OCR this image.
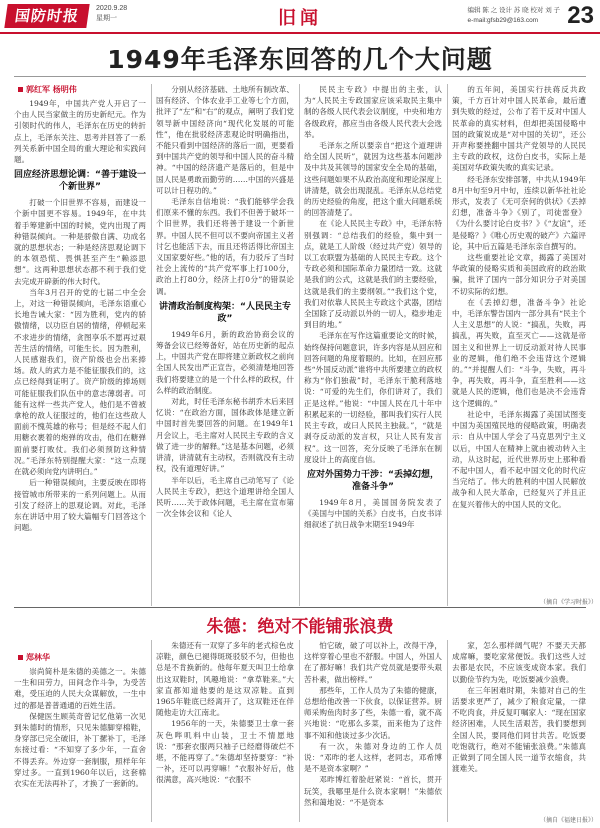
国防时报	2020.9.28
星期一	旧闻	编辑 陈 之 设计 苏 晓 校对 刘 子
e-mail:gfsb29@163.com	23
1949年毛泽东回答的几个大问题
郭红军 杨明伟

1949年，中国共产党人开启了一个由人民当家做主的历史新纪元。作为引领时代的伟人，毛泽东在历史的转折点上，毛泽东关注、思考并回答了一系列关系新中国全局的重大理论和实践问题。

回应经济思想论调：“善于建设一个新世界”

打破一个旧世界不容易，而建设一个新中国更不容易。1949年，在中共着手筹建新中国的时候，党内出现了两种错误倾向。一种是骄傲自满、功成名就的思想状态；一种是经济思观论调下的本领恐慌、畏惧甚至产生“赖添思想”。这两种思想状态都不利于我们党去完成开辟新的伟大时代。

当年3月召开的党的七届二中全会上，对这一种错误倾向，毛泽东语重心长地告诫大家：“因为胜利，党内的骄傲情绪，以功臣自居的情绪，停顿起来不求进步的情绪，贪图享乐不愿再过艰苦生活的情绪，可能生长。因为胜利，人民感谢我们，资产阶级也会出来捧场。敌人的武力是不能征服我们的，这点已经得到证明了。资产阶级的捧场则可能征服我们队伍中的意志薄弱者。可能有这样一些共产党人，他们是不曾被拿枪的敌人征服过的，他们在这些敌人面前不愧英雄的称号；但是经不起人们用糖衣裹着的炮弹的攻击，他们在糖弹面前要打败仗。我们必须预防这种情况。”毛泽东特别提醒大家：“这一点现在就必须向党内讲明白。”

后一种错误倾向，主要反映在即将接管城市所带来的一系列问题上。从而引发了经济上的思观论调。对此，毛泽东在讲话中用了较大篇幅专门回答这个问题。

分别从经济基础、土地所有制改革、国有经济、个体农业手工业等七个方面，批评了“左”和“右”的观点，阐明了我们党领导新中国经济向“现代化发展的可能性”，他在批驳经济悲观论时明确指出，不能只看到中国经济的落后一面，更要看到中国共产党的领导和中国人民的奋斗精神。“中国的经济遗产是落后的，但是中国人民是勇敢而勤劳的……中国的兴盛是可以计日程功的。”

毛泽东自信地说：“我们能够学会我们原来不懂的东西。我们不但善于破坏一个旧世界，我们还将善于建设一个新世界。中国人民不但可以不要向帝国主义者讨乞也能活下去，而且还将活得比帝国主义国家要好些。”他的话，有力驳斥了当时社会上流传的“共产党军事上打100分，政治上打80分，经济上打0分”的错误论调。

讲清政治制度构架：“人民民主专政”

1949年6月，新的政治协商会议的筹备会议已经筹备好，站在历史新的起点上，中国共产党在即将建立新政权之前向全国人民发出严正宣告，必须清楚地回答我们将要建立的是一个什么样的政权，什么样的政治制度。

对此，时任毛泽东秘书胡乔木后来回忆说：“在政治方面，国体政体是建立新中国时首先要回答的问题。在1949年1月会议上，毛主席对人民民主专政的含义做了进一步的解释。”这是基本问题，必须讲清，讲清就有主动权，否则就没有主动权，没有道理好讲。”

半年以后，毛主席自己动笔写了《论人民民主专政》，把这个道理讲给全国人民听……关于政体问题，毛主席在宣布第一次全体会议和《论人

民民主专政》中提出的主张，认为“人民民主专政国家应该采取民主集中制的各级人民代表会议制度，中央和地方各级政府，都应当由各级人民代表大会选举。

毛泽东之所以要亲自“把这个道理讲给全国人民听”，就因为这些基本问题涉及中共及其领导的国家安全全局的基础，这些问题如果不从政治高度和理论深度上讲清楚，就会出现混乱。毛泽东从总结党的历史经验的角度，把这个重大问题系统的回答清楚了。

在《论人民民主专政》中，毛泽东特别强调：“总结我们的经验，集中到一点，就是工人阶级（经过共产党）领导的以工农联盟为基础的人民民主专政。这个专政必须和国际革命力量团结一致。这就是我们的公式，这就是我们的主要经验，这就是我们的主要纲领。”“我们这个党，我们对依靠人民民主专政这个武器，团结全国除了反动派以外的一切人，稳步地走到目的地。”

毛泽东在写作这篇重要论文的时候，始终保持问题意识，许多内容是从回应和回答问题的角度着眼的。比如，在回应那些“外国反动派”谁将中共所要建立的政权称为“你们独裁”时，毛泽东干脆利落地说：“可爱的先生们，你们讲对了，我们正是这样。”他说：“中国人民在几十年中积累起来的一切经验，都叫我们实行人民民主专政，或曰人民民主独裁。”，“就是剥夺反动派的发言权，只让人民有发言权”。这一回答，充分反映了毛泽东在制度设计上的高度自信。

应对外国势力干涉：“丢掉幻想，准备斗争”

1949年8月，美国国务院发表了《美国与中国的关系》白皮书，白皮书详细叙述了抗日战争末期至1949年

的五年间，美国实行扶蒋反共政策，千方百计对中国人民革命，最后遭到失败的经过，公布了若干反对中国人民革命的真实材料，但却把美国侵略中国的政策说成是“对中国的关切”，还公开声称要挫翻中国共产党领导的人民民主专政的政权，这份白皮书，实际上是美国对华政策失败的真实记录。

经毛泽东安排部署，中共从1949年8月中旬至9月中旬，连续以新华社社论形式，发表了《无可奈何的供状》《丢掉幻想，准备斗争》《别了，司徒雷登》《为什么要讨论白皮书？》《“友谊”，还是侵略？》《唯心历史观的破产》六篇评论，其中后五篇是毛泽东亲自撰写的。

这些重要社论文章，揭露了美国对华政策的侵略实质和美国政府的政治欺骗，批评了国内一部分知识分子对美国不切实际的幻想。

在《丢掉幻想，准备斗争》社论中，毛泽东警告国内一部分具有“民主个人主义思想”的人说：“搞乱，失败，再搞乱，再失败，直至灭亡——这就是帝国主义和世界上一切反动派对待人民事业的逻辑，他们绝不会违背这个逻辑的。”“并提醒人们：“斗争，失败，再斗争，再失败，再斗争，直至胜利——这就是人民的逻辑，他们也是决不会违背这个逻辑的。”

社论中，毛泽东揭露了美国试图变中国为美国殖民地的侵略政策，明确表示：自从中国人学会了马克思列宁主义以后，中国人在精神上就由被动转入主动，从这时起，近代世界历史上那种看不起中国人，看不起中国文化的时代应当完结了。伟大的胜利的中国人民解放战争和人民大革命，已经复兴了并且正在复兴着伟大的中国人民的文化。

（摘自《学习时报》）
朱德：绝对不能铺张浪费
郑林华

崇尚简朴是朱德的美德之一。朱德一生和田劳力，田间念作斗争，为受苦难，受压迫的人民大众谋解放，一生中过的都是普普通通的百姓生活。

保健医生顾英奇曾记忆他第一次见到朱德时的情形，只见朱德脚穿棉鞋，身穿部已完全破旧，补丁摞补丁，毛泽东接过看：“不知穿了多少年，一直舍不得丢弃。外边穿一套制服，照样年年穿过多。一直到1960年以后，这套棉衣实在无法再补了，才换了一套新的。

朱德还有一双穿了多年的老式棕色皮凉鞋，颜色已褪得斑斑驳驳不匀，但他也总是不肯换新的。他每年夏天叫卫士给拿出这双鞋时，风趣地说：“拿草鞋来。”大家直都知道他要的是这双凉鞋。直到1965年鞋底已经离开了，这双鞋还在伴随他走访大江南北。

1956年的一天，朱德要卫士拿一套灰色哔叽料中山装，卫士不情愿地说：“那套衣服两只袖子已经磨得破烂不堪，不能再穿了。”朱德却坚持要穿：“补一补，还可以再穿嘛！”衣服补好后，他很满意，高兴地说：“衣服不

怕它破，破了可以补上，改得干净，这样穿着心里也不舒服。中国人，外国人在了都好嘛！我们共产党员就是要带头艰苦朴素，做出榜样。”

那些年，工作人员为了朱德的健康，总想给他改善一下伙食，以保证营养。厨师采购鱼肉时多了些，朱德一看，就不高兴地说：“吃那么多菜，而来他为了这件事不知和他谈过多少次话。

有一次，朱德对身边的工作人员说：“邓昨的老人这样，老同志，邓希博是不是资本家啊？”

邓昨博红着脸赶紧说：“首长，贯开玩笑，我哪里是什么资本家啊！”朱德依然和蔼地说：“不是资本

家，怎么那样阔气呢？不要天天都成席嘛，要吃家常便饭。我们这些人过去都是农民，不应该变成资本家。我们以勤俭节约为先，吃饭要减少浪费。

在三年困难时期，朱德对自己的生活要求更严了，减少了粮食定量，一律不吃肉食，并反复叮嘱家人：“现在国家经济困难，人民生活艰苦，我们要想到全国人民，要同他们同甘共苦。吃饭要吃饱就行，绝对不能铺张浪费。”朱德真正做到了同全国人民一道节衣缩食，共渡难关。

（摘自《福建日报》）
